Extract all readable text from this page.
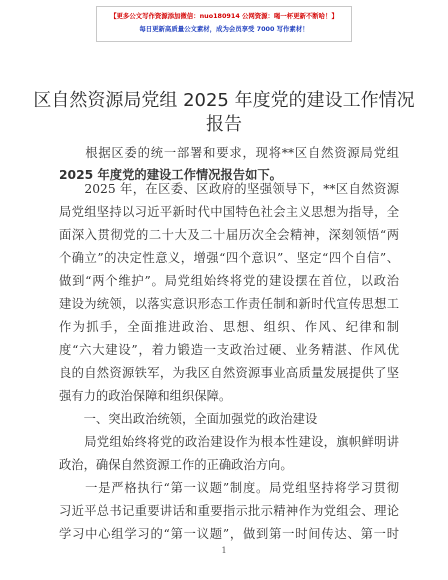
【更多公文写作资源添加微信：nuo180914 公网资源：喝一杯更新不断哈！】
每日更新高质量公文素材，成为会员享受 7000 写作素材！
区自然资源局党组 2025 年度党的建设工作情况
报告
　　根据区委的统一部署和要求，现将**区自然资源局党组
2025 年度党的建设工作情况报告如下。
　　2025 年，在区委、区政府的坚强领导下，**区自然资源
局党组坚持以习近平新时代中国特色社会主义思想为指导，全
面深入贯彻党的二十大及二十届历次全会精神，深刻领悟“两
个确立”的决定性意义，增强“四个意识”、坚定“四个自信”、
做到“两个维护”。局党组始终将党的建设摆在首位，以政治
建设为统领，以落实意识形态工作责任制和新时代宣传思想工
作为抓手，全面推进政治、思想、组织、作风、纪律和制
度“六大建设”，着力锻造一支政治过硬、业务精湛、作风优
良的自然资源铁军，为我区自然资源事业高质量发展提供了坚
强有力的政治保障和组织保障。
　　一、突出政治统领，全面加强党的政治建设
　　局党组始终将党的政治建设作为根本性建设，旗帜鲜明讲
政治，确保自然资源工作的正确政治方向。
　　一是严格执行“第一议题”制度。局党组坚持将学习贯彻
习近平总书记重要讲话和重要指示批示精神作为党组会、理论
学习中心组学习的“第一议题”，做到第一时间传达、第一时
1
